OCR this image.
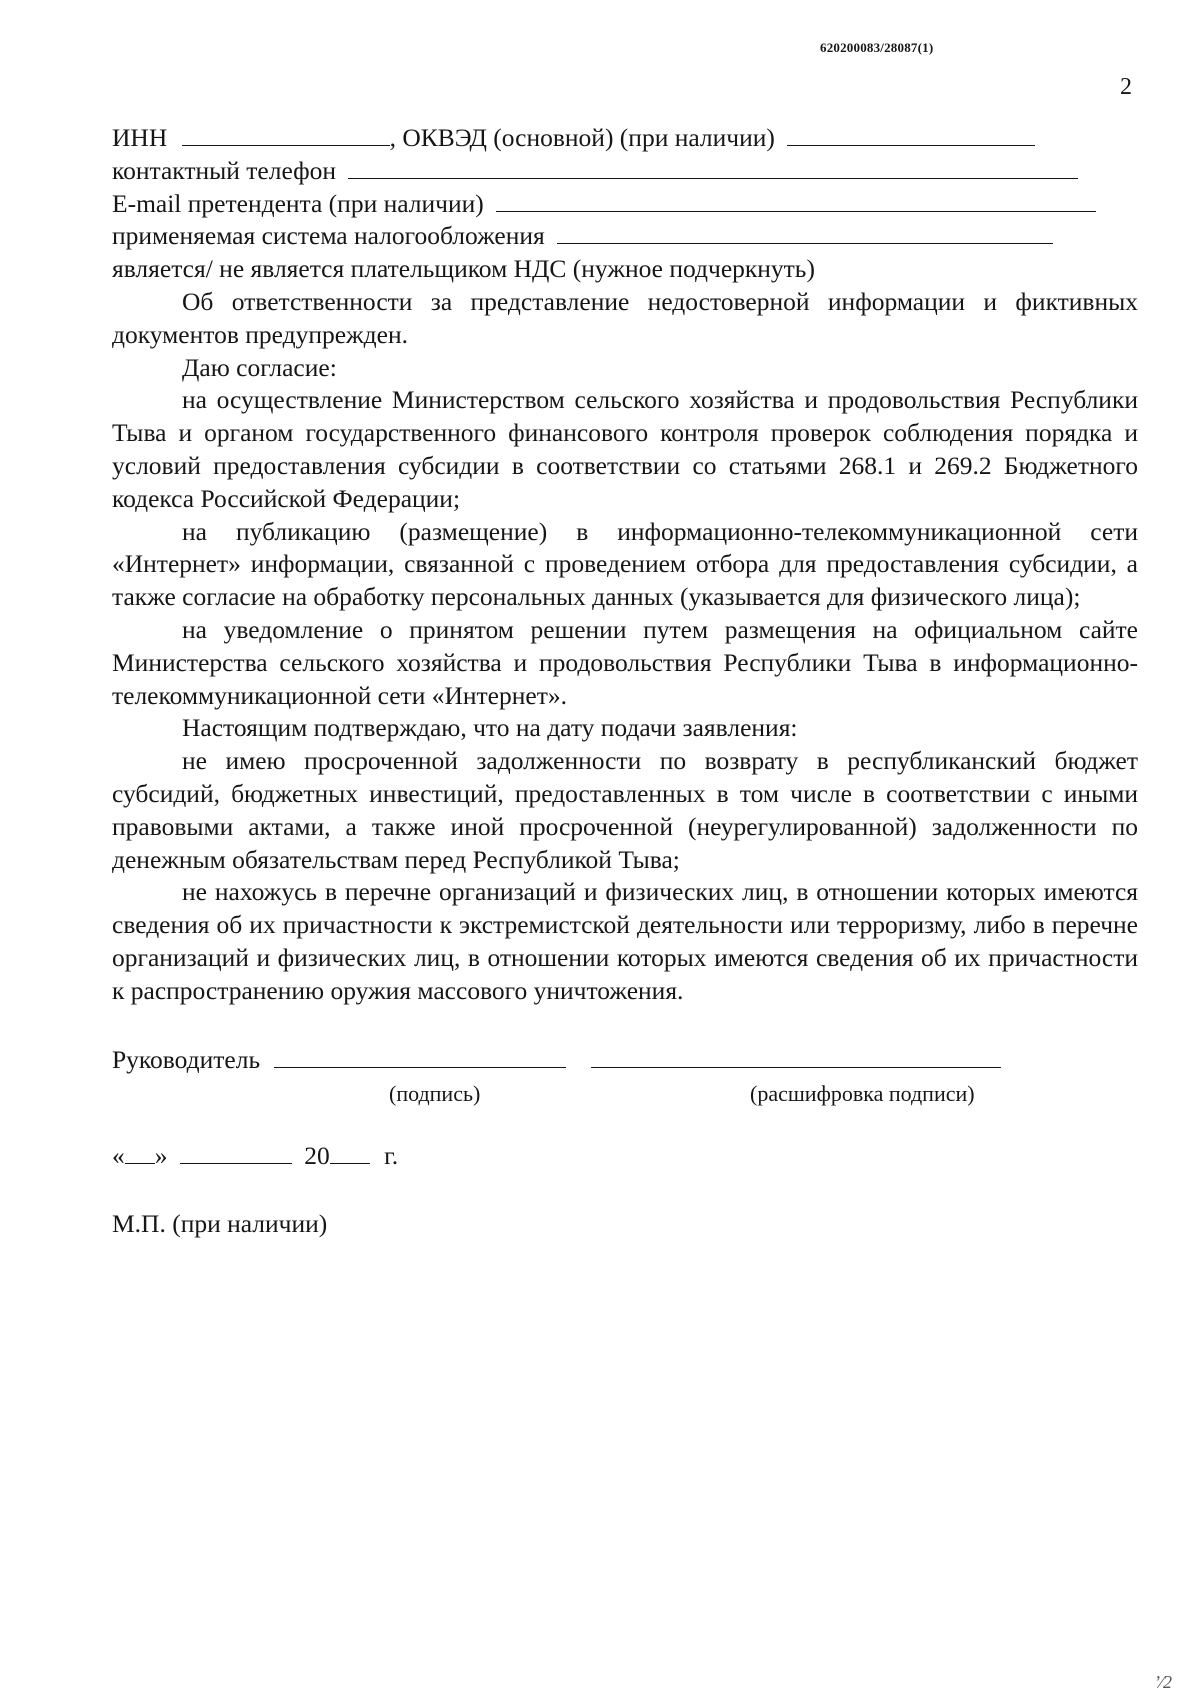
620200083/28087(1)
2
ИНН	, ОКВЭД (основной) (при наличии)
контактный телефон
E-mail претендента (при наличии)
применяемая система налогообложения
является/ не является плательщиком НДС (нужное подчеркнуть)

Об ответственности за представление недостоверной информации и фиктивных документов предупрежден.

Даю согласие:

на осуществление Министерством сельского хозяйства и продовольствия Республики Тыва и органом государственного финансового контроля проверок соблюдения порядка и условий предоставления субсидии в соответствии со статьями 268.1 и 269.2 Бюджетного кодекса Российской Федерации;

на публикацию (размещение) в информационно-телекоммуникационной сети «Интернет» информации, связанной с проведением отбора для предоставления субсидии, а также согласие на обработку персональных данных (указывается для физического лица);

на уведомление о принятом решении путем размещения на официальном сайте Министерства сельского хозяйства и продовольствия Республики Тыва в информационно-телекоммуникационной сети «Интернет».

Настоящим подтверждаю, что на дату подачи заявления:

не имею просроченной задолженности по возврату в республиканский бюджет субсидий, бюджетных инвестиций, предоставленных в том числе в соответствии с иными правовыми актами, а также иной просроченной (неурегулированной) задолженности по денежным обязательствам перед Республикой Тыва;

не нахожусь в перечне организаций и физических лиц, в отношении которых имеются сведения об их причастности к экстремистской деятельности или терроризму, либо в перечне организаций и физических лиц, в отношении которых имеются сведения об их причастности к распространению оружия массового уничтожения.

Руководитель
(подпись)	(расшифровка подписи)
« »	20 г.
М.П. (при наличии)
ʼ⁄2
